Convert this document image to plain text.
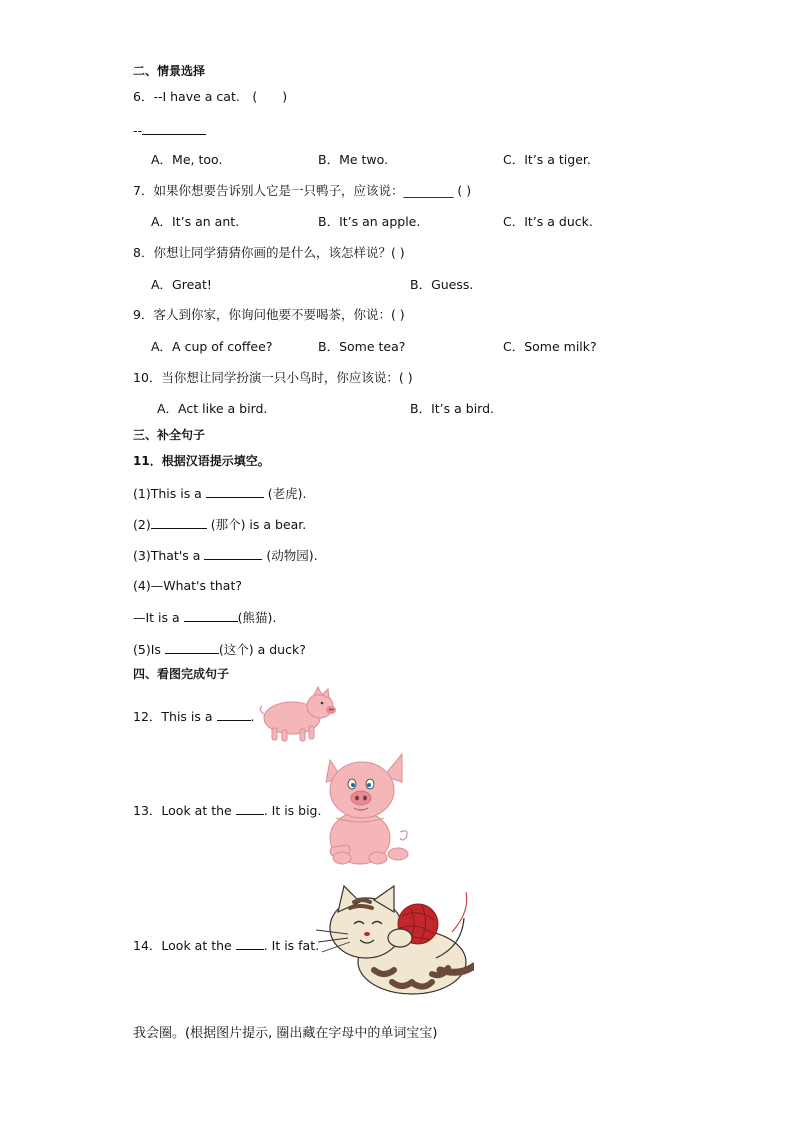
二、情景选择
6．--I have a cat.　(　　)
--
A．Me, too.	B．Me two.	C．It’s a tiger.
7．如果你想要告诉别人它是一只鸭子，应该说：________ ( )
A．It’s an ant.	B．It’s an apple.	C．It’s a duck.
8．你想让同学猜猜你画的是什么，该怎样说？( )
A．Great!	B．Guess.
9．客人到你家，你询问他要不要喝茶，你说：( )
A．A cup of coffee?	B．Some tea?	C．Some milk?
10．当你想让同学扮演一只小鸟时，你应该说：( )
A．Act like a bird.	B．It’s a bird.
三、补全句子
11．根据汉语提示填空。
(1)This is a	(老虎).
(2)	(那个) is a bear.
(3)That's a	(动物园).
(4)—What's that?
—It is a	(熊猫).
(5)Is	(这个) a duck?
四、看图完成句子
12．This is a	.
13．Look at the . It is big.
14．Look at the . It is fat.
我会圈。(根据图片提示, 圈出藏在字母中的单词宝宝)
